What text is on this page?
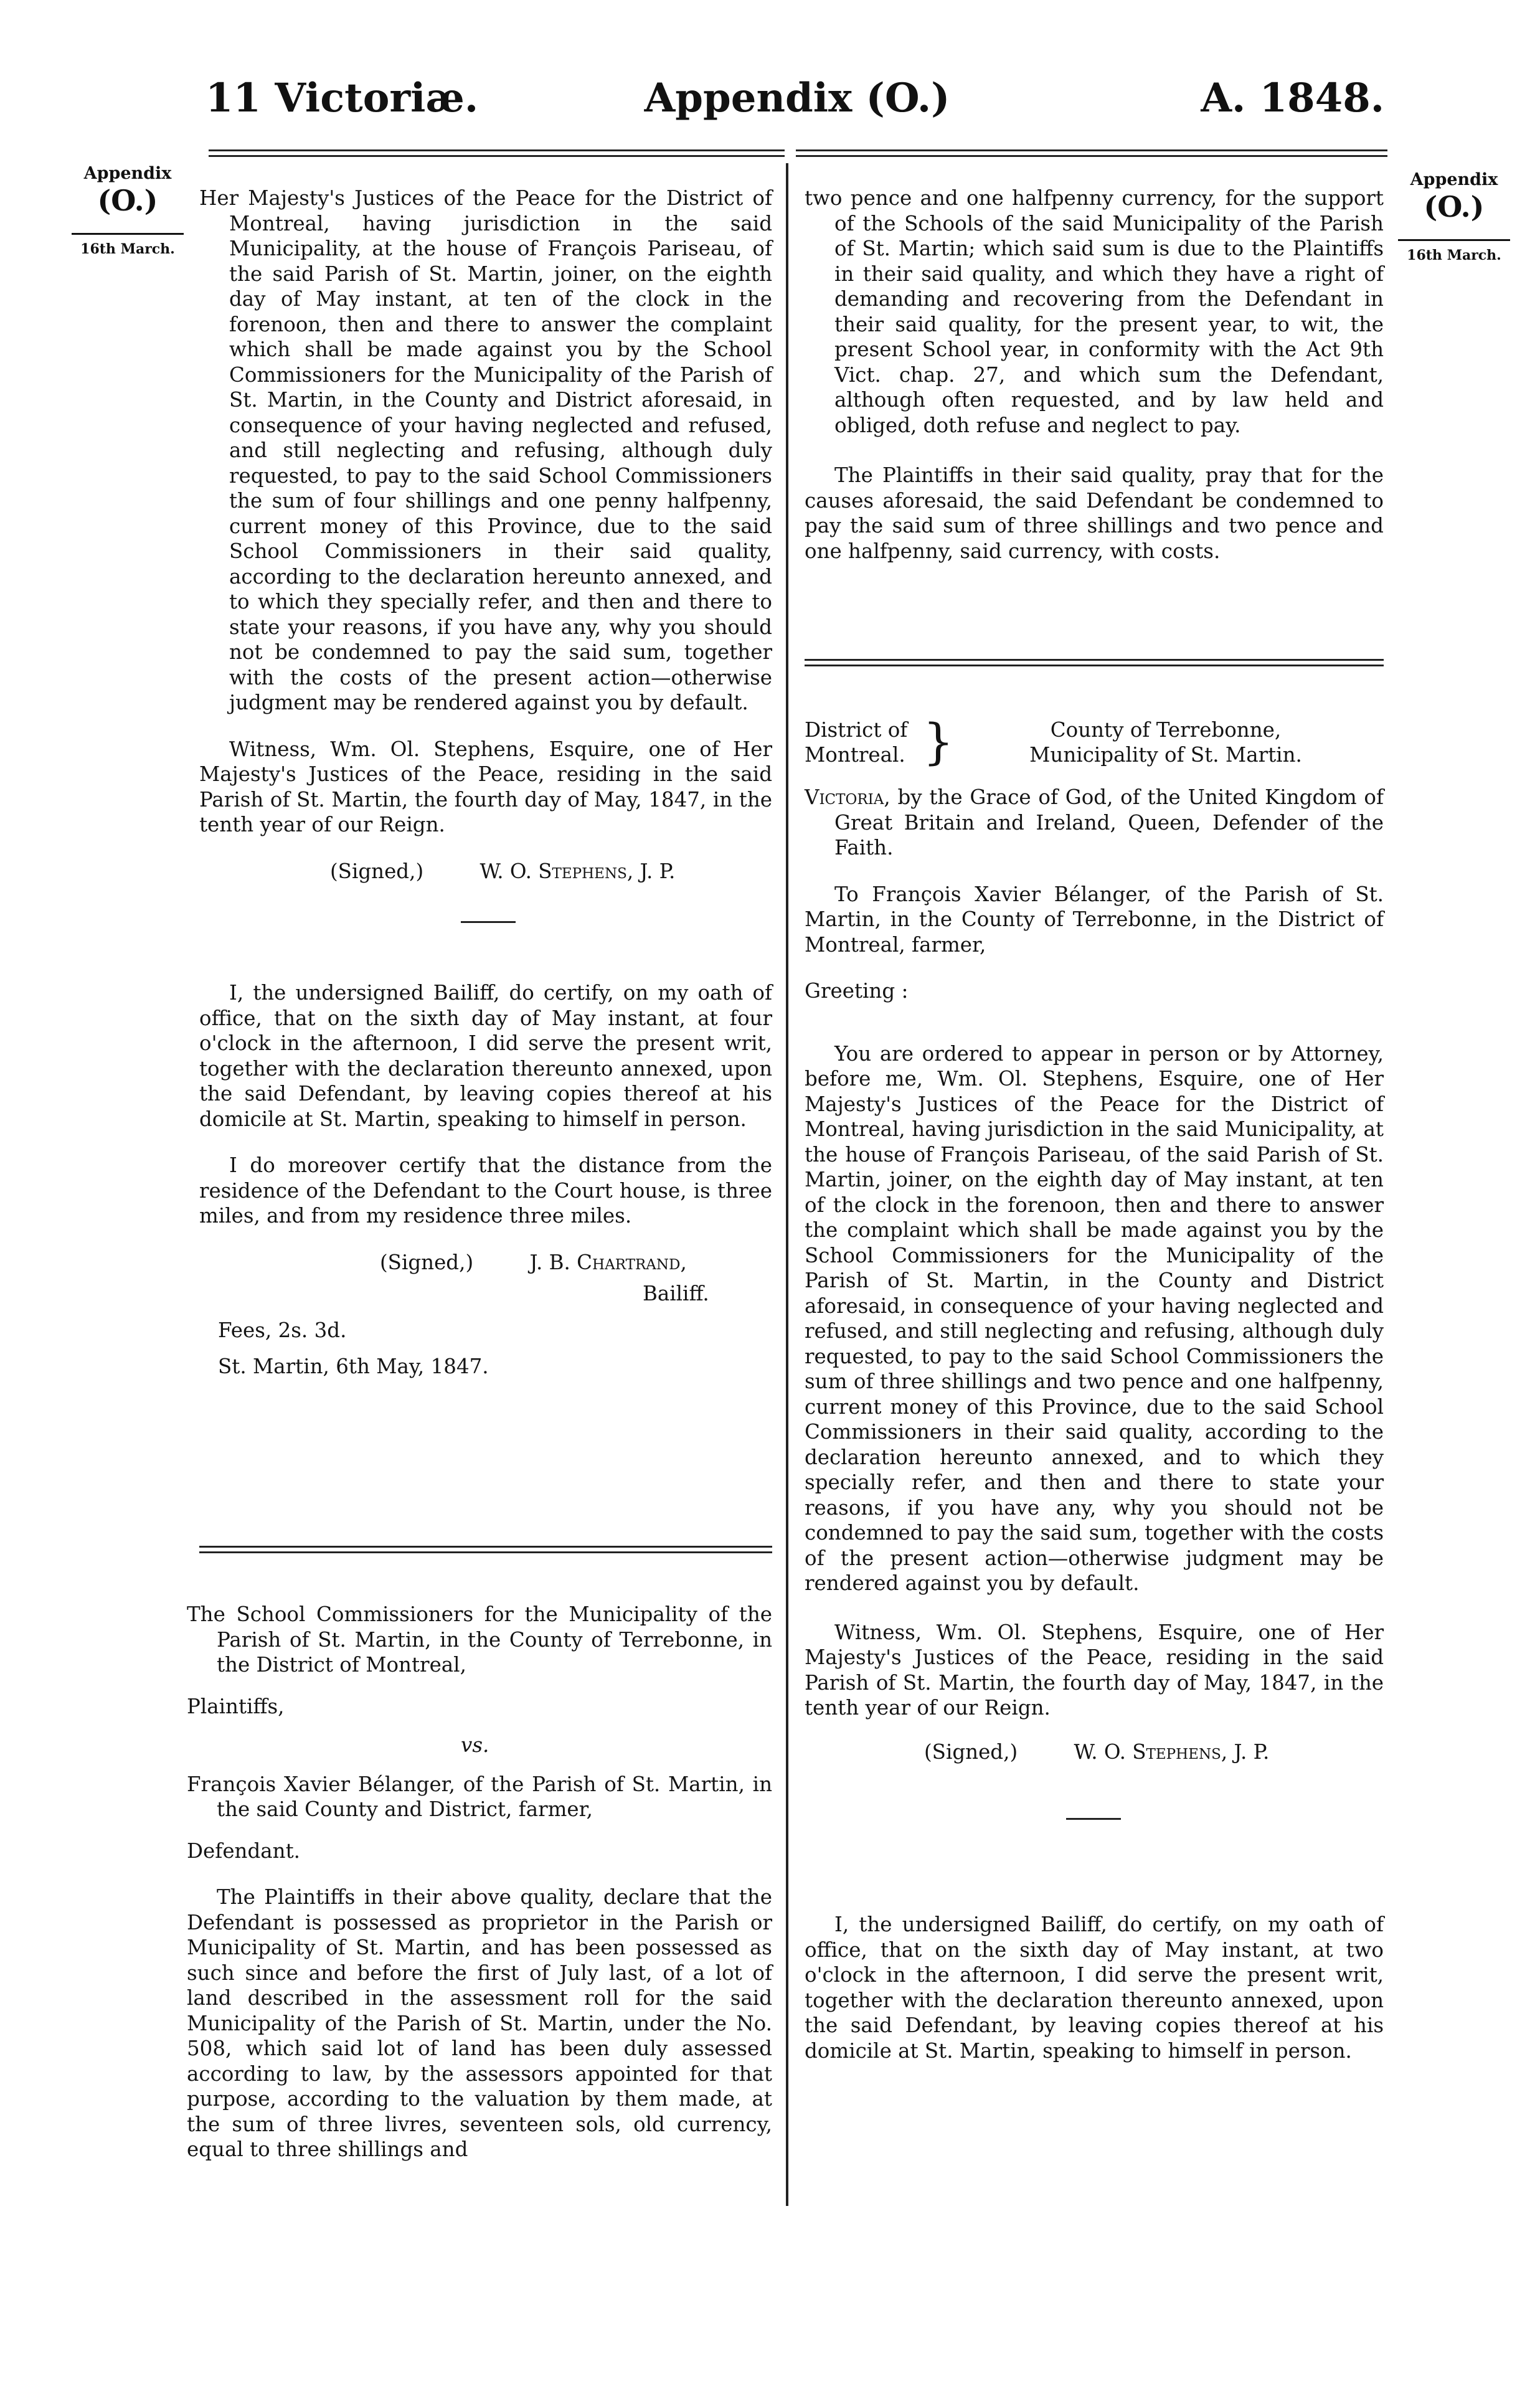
11 Victoriæ.	Appendix (O.)	A. 1848.
Appendix
(O.)
16th March.
Appendix
(O.)
16th March.

Her Majesty's Justices of the Peace for the District of Montreal, having jurisdiction in the said Municipality, at the house of François Pariseau, of the said Parish of St. Martin, joiner, on the eighth day of May instant, at ten of the clock in the forenoon, then and there to answer the complaint which shall be made against you by the School Commissioners for the Municipality of the Parish of St. Martin, in the County and District aforesaid, in consequence of your having neglected and refused, and still neglecting and refusing, although duly requested, to pay to the said School Commissioners the sum of four shillings and one penny halfpenny, current money of this Province, due to the said School Commissioners in their said quality, according to the declaration hereunto annexed, and to which they specially refer, and then and there to state your reasons, if you have any, why you should not be condemned to pay the said sum, together with the costs of the present action—otherwise judgment may be rendered against you by default.

Witness, Wm. Ol. Stephens, Esquire, one of Her Majesty's Justices of the Peace, residing in the said Parish of St. Martin, the fourth day of May, 1847, in the tenth year of our Reign.

(Signed,)	W. O. Stephens, J. P.

I, the undersigned Bailiff, do certify, on my oath of office, that on the sixth day of May instant, at four o'clock in the afternoon, I did serve the present writ, together with the declaration thereunto annexed, upon the said Defendant, by leaving copies thereof at his domicile at St. Martin, speaking to himself in person.

I do moreover certify that the distance from the residence of the Defendant to the Court house, is three miles, and from my residence three miles.

(Signed,)	J. B. Chartrand,

Bailiff.

Fees, 2s. 3d.

St. Martin, 6th May, 1847.

The School Commissioners for the Municipality of the Parish of St. Martin, in the County of Terrebonne, in the District of Montreal,

Plaintiffs,

vs.

François Xavier Bélanger, of the Parish of St. Martin, in the said County and District, farmer,

Defendant.

The Plaintiffs in their above quality, declare that the Defendant is possessed as proprietor in the Parish or Municipality of St. Martin, and has been possessed as such since and before the first of July last, of a lot of land described in the assessment roll for the said Municipality of the Parish of St. Martin, under the No. 508, which said lot of land has been duly assessed according to law, by the assessors appointed for that purpose, according to the valuation by them made, at the sum of three livres, seventeen sols, old currency, equal to three shillings and

two pence and one halfpenny currency, for the support of the Schools of the said Municipality of the Parish of St. Martin; which said sum is due to the Plaintiffs in their said quality, and which they have a right of demanding and recovering from the Defendant in their said quality, for the present year, to wit, the present School year, in conformity with the Act 9th Vict. chap. 27, and which sum the Defendant, although often requested, and by law held and obliged, doth refuse and neglect to pay.

The Plaintiffs in their said quality, pray that for the causes aforesaid, the said Defendant be condemned to pay the said sum of three shillings and two pence and one halfpenny, said currency, with costs.

District of
Montreal. }	County of Terrebonne,
Municipality of St. Martin.

Victoria, by the Grace of God, of the United Kingdom of Great Britain and Ireland, Queen, Defender of the Faith.

To François Xavier Bélanger, of the Parish of St. Martin, in the County of Terrebonne, in the District of Montreal, farmer,

Greeting :

You are ordered to appear in person or by Attorney, before me, Wm. Ol. Stephens, Esquire, one of Her Majesty's Justices of the Peace for the District of Montreal, having jurisdiction in the said Municipality, at the house of François Pariseau, of the said Parish of St. Martin, joiner, on the eighth day of May instant, at ten of the clock in the forenoon, then and there to answer the complaint which shall be made against you by the School Commissioners for the Municipality of the Parish of St. Martin, in the County and District aforesaid, in consequence of your having neglected and refused, and still neglecting and refusing, although duly requested, to pay to the said School Commissioners the sum of three shillings and two pence and one halfpenny, current money of this Province, due to the said School Commissioners in their said quality, according to the declaration hereunto annexed, and to which they specially refer, and then and there to state your reasons, if you have any, why you should not be condemned to pay the said sum, together with the costs of the present action—otherwise judgment may be rendered against you by default.

Witness, Wm. Ol. Stephens, Esquire, one of Her Majesty's Justices of the Peace, residing in the said Parish of St. Martin, the fourth day of May, 1847, in the tenth year of our Reign.

(Signed,)	W. O. Stephens, J. P.

I, the undersigned Bailiff, do certify, on my oath of office, that on the sixth day of May instant, at two o'clock in the afternoon, I did serve the present writ, together with the declaration thereunto annexed, upon the said Defendant, by leaving copies thereof at his domicile at St. Martin, speaking to himself in person.
